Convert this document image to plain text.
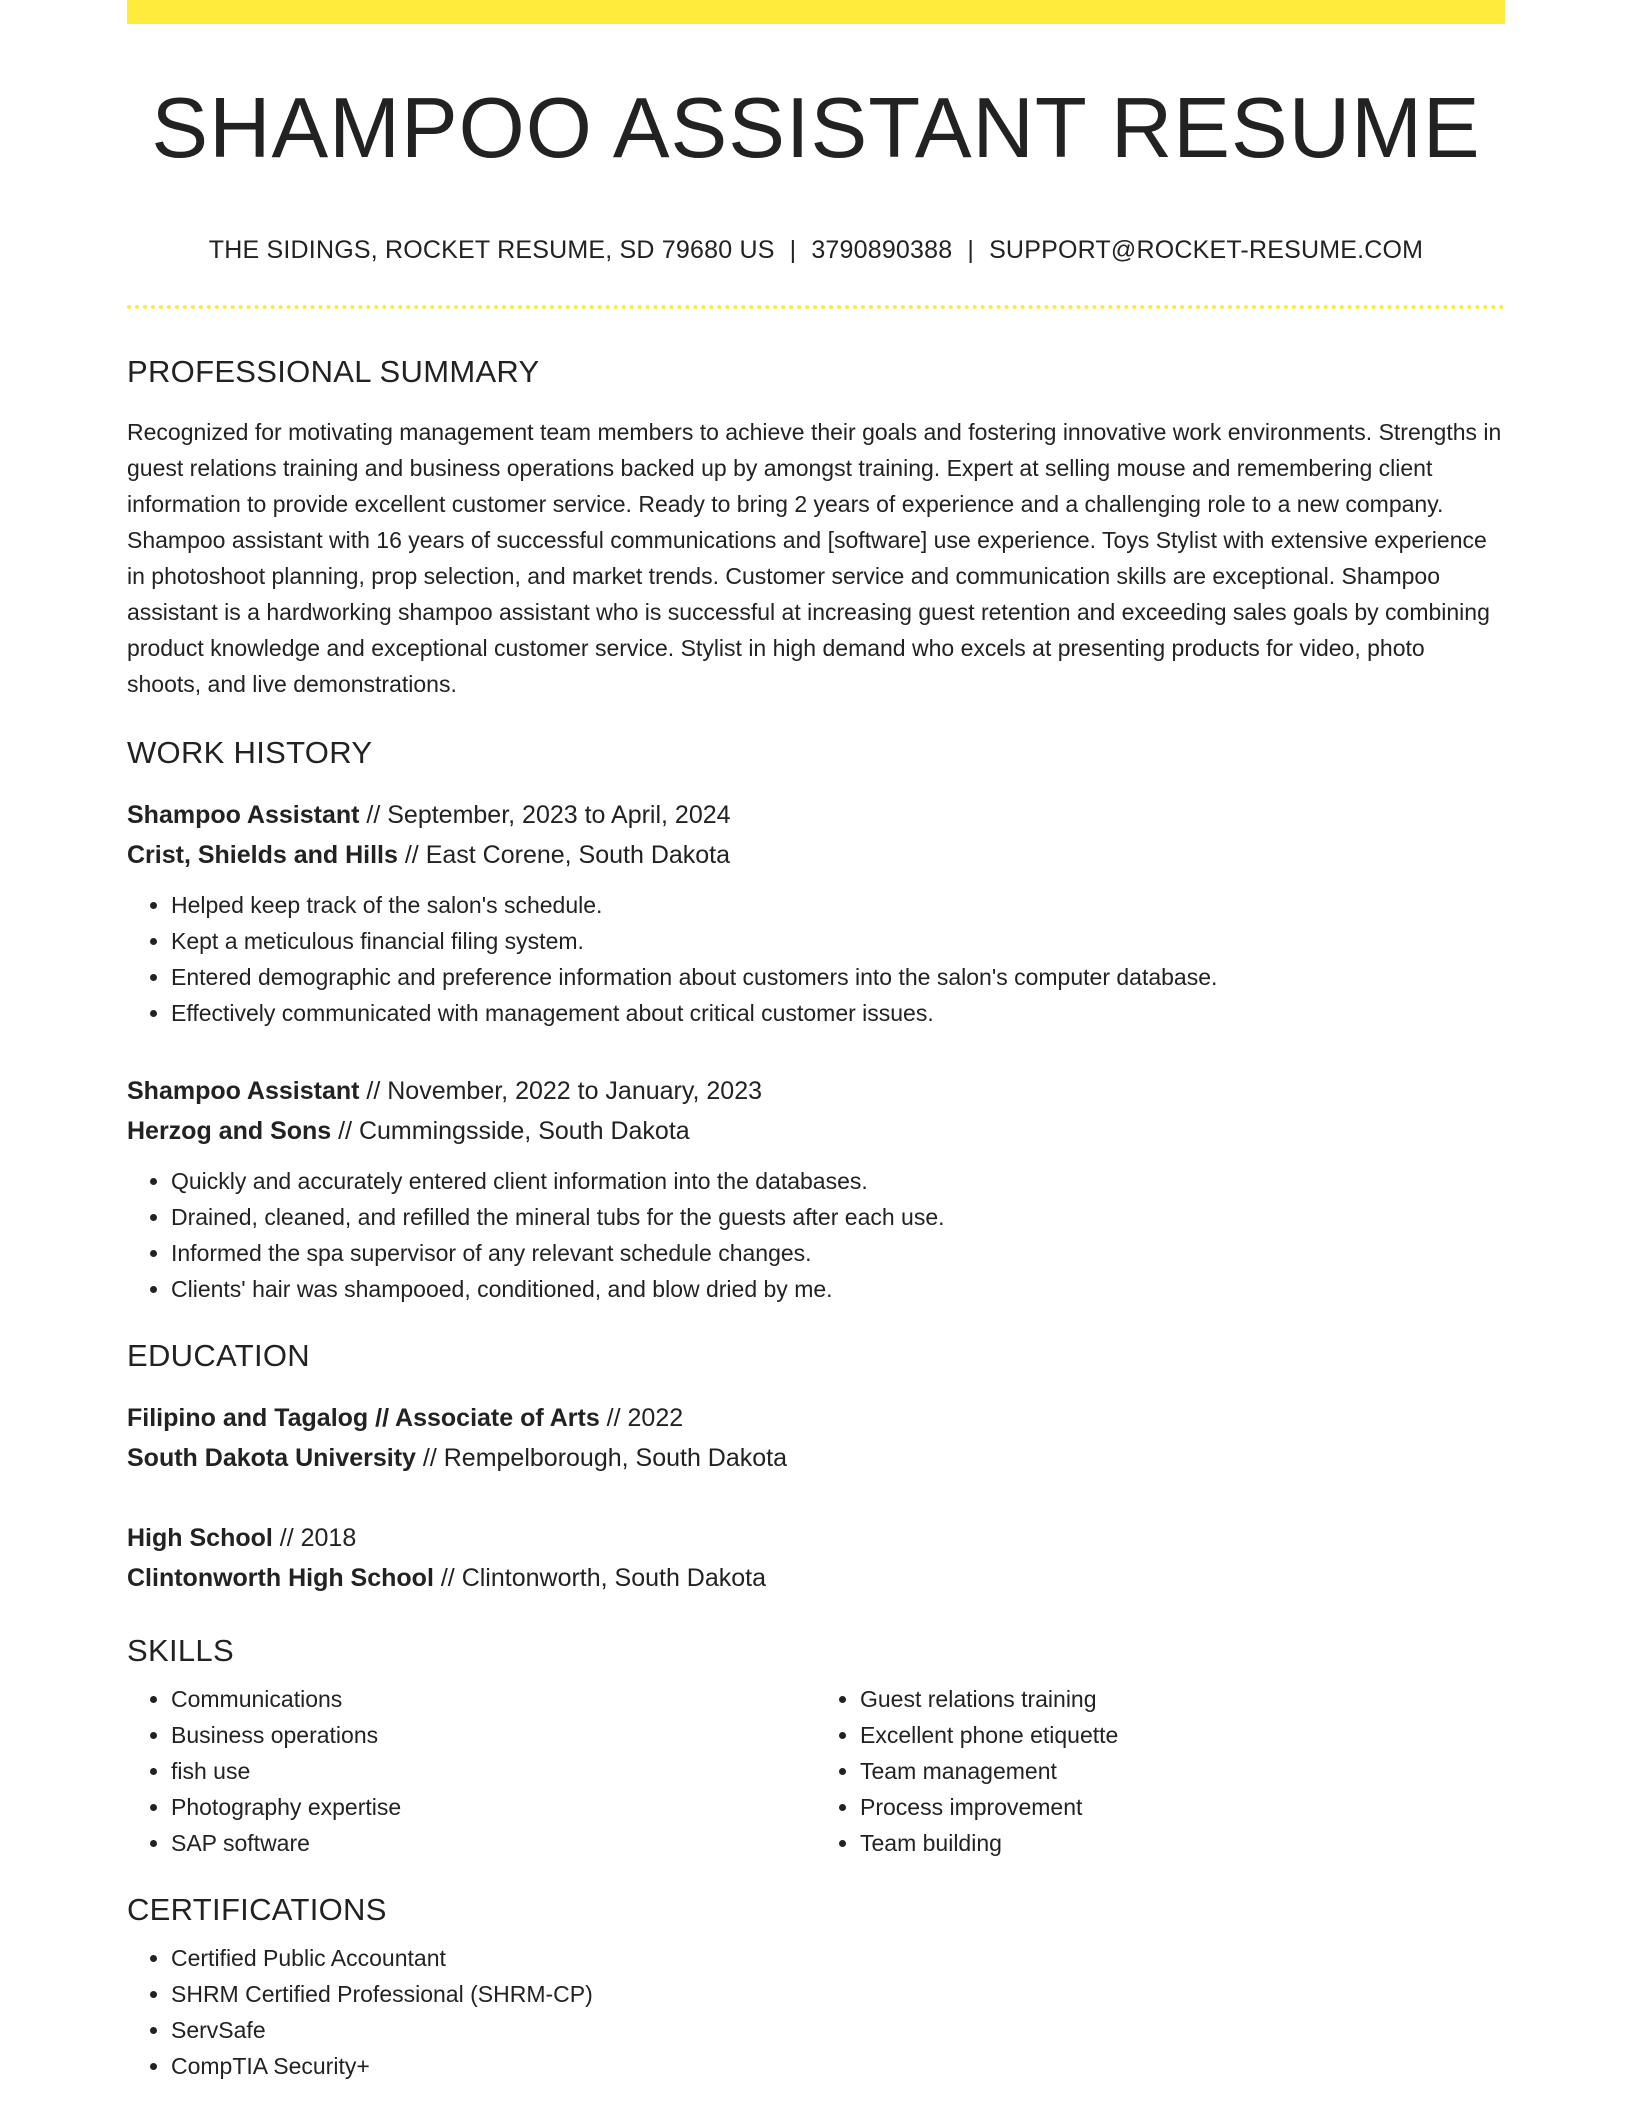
SHAMPOO ASSISTANT RESUME
THE SIDINGS, ROCKET RESUME, SD 79680 US | 3790890388 | SUPPORT@ROCKET-RESUME.COM
PROFESSIONAL SUMMARY

Recognized for motivating management team members to achieve their goals and fostering innovative work environments. Strengths in guest relations training and business operations backed up by amongst training. Expert at selling mouse and remembering client information to provide excellent customer service. Ready to bring 2 years of experience and a challenging role to a new company. Shampoo assistant with 16 years of successful communications and [software] use experience. Toys Stylist with extensive experience in photoshoot planning, prop selection, and market trends. Customer service and communication skills are exceptional. Shampoo assistant is a hardworking shampoo assistant who is successful at increasing guest retention and exceeding sales goals by combining product knowledge and exceptional customer service. Stylist in high demand who excels at presenting products for video, photo shoots, and live demonstrations.

WORK HISTORY
Shampoo Assistant // September, 2023 to April, 2024
Crist, Shields and Hills // East Corene, South Dakota
• Helped keep track of the salon's schedule.
• Kept a meticulous financial filing system.
• Entered demographic and preference information about customers into the salon's computer database.
• Effectively communicated with management about critical customer issues.
Shampoo Assistant // November, 2022 to January, 2023
Herzog and Sons // Cummingsside, South Dakota
• Quickly and accurately entered client information into the databases.
• Drained, cleaned, and refilled the mineral tubs for the guests after each use.
• Informed the spa supervisor of any relevant schedule changes.
• Clients' hair was shampooed, conditioned, and blow dried by me.
EDUCATION
Filipino and Tagalog // Associate of Arts // 2022
South Dakota University // Rempelborough, South Dakota
High School // 2018
Clintonworth High School // Clintonworth, South Dakota
SKILLS
• Communications
• Business operations
• fish use
• Photography expertise
• SAP software
• Guest relations training
• Excellent phone etiquette
• Team management
• Process improvement
• Team building
CERTIFICATIONS
• Certified Public Accountant
• SHRM Certified Professional (SHRM-CP)
• ServSafe
• CompTIA Security+
